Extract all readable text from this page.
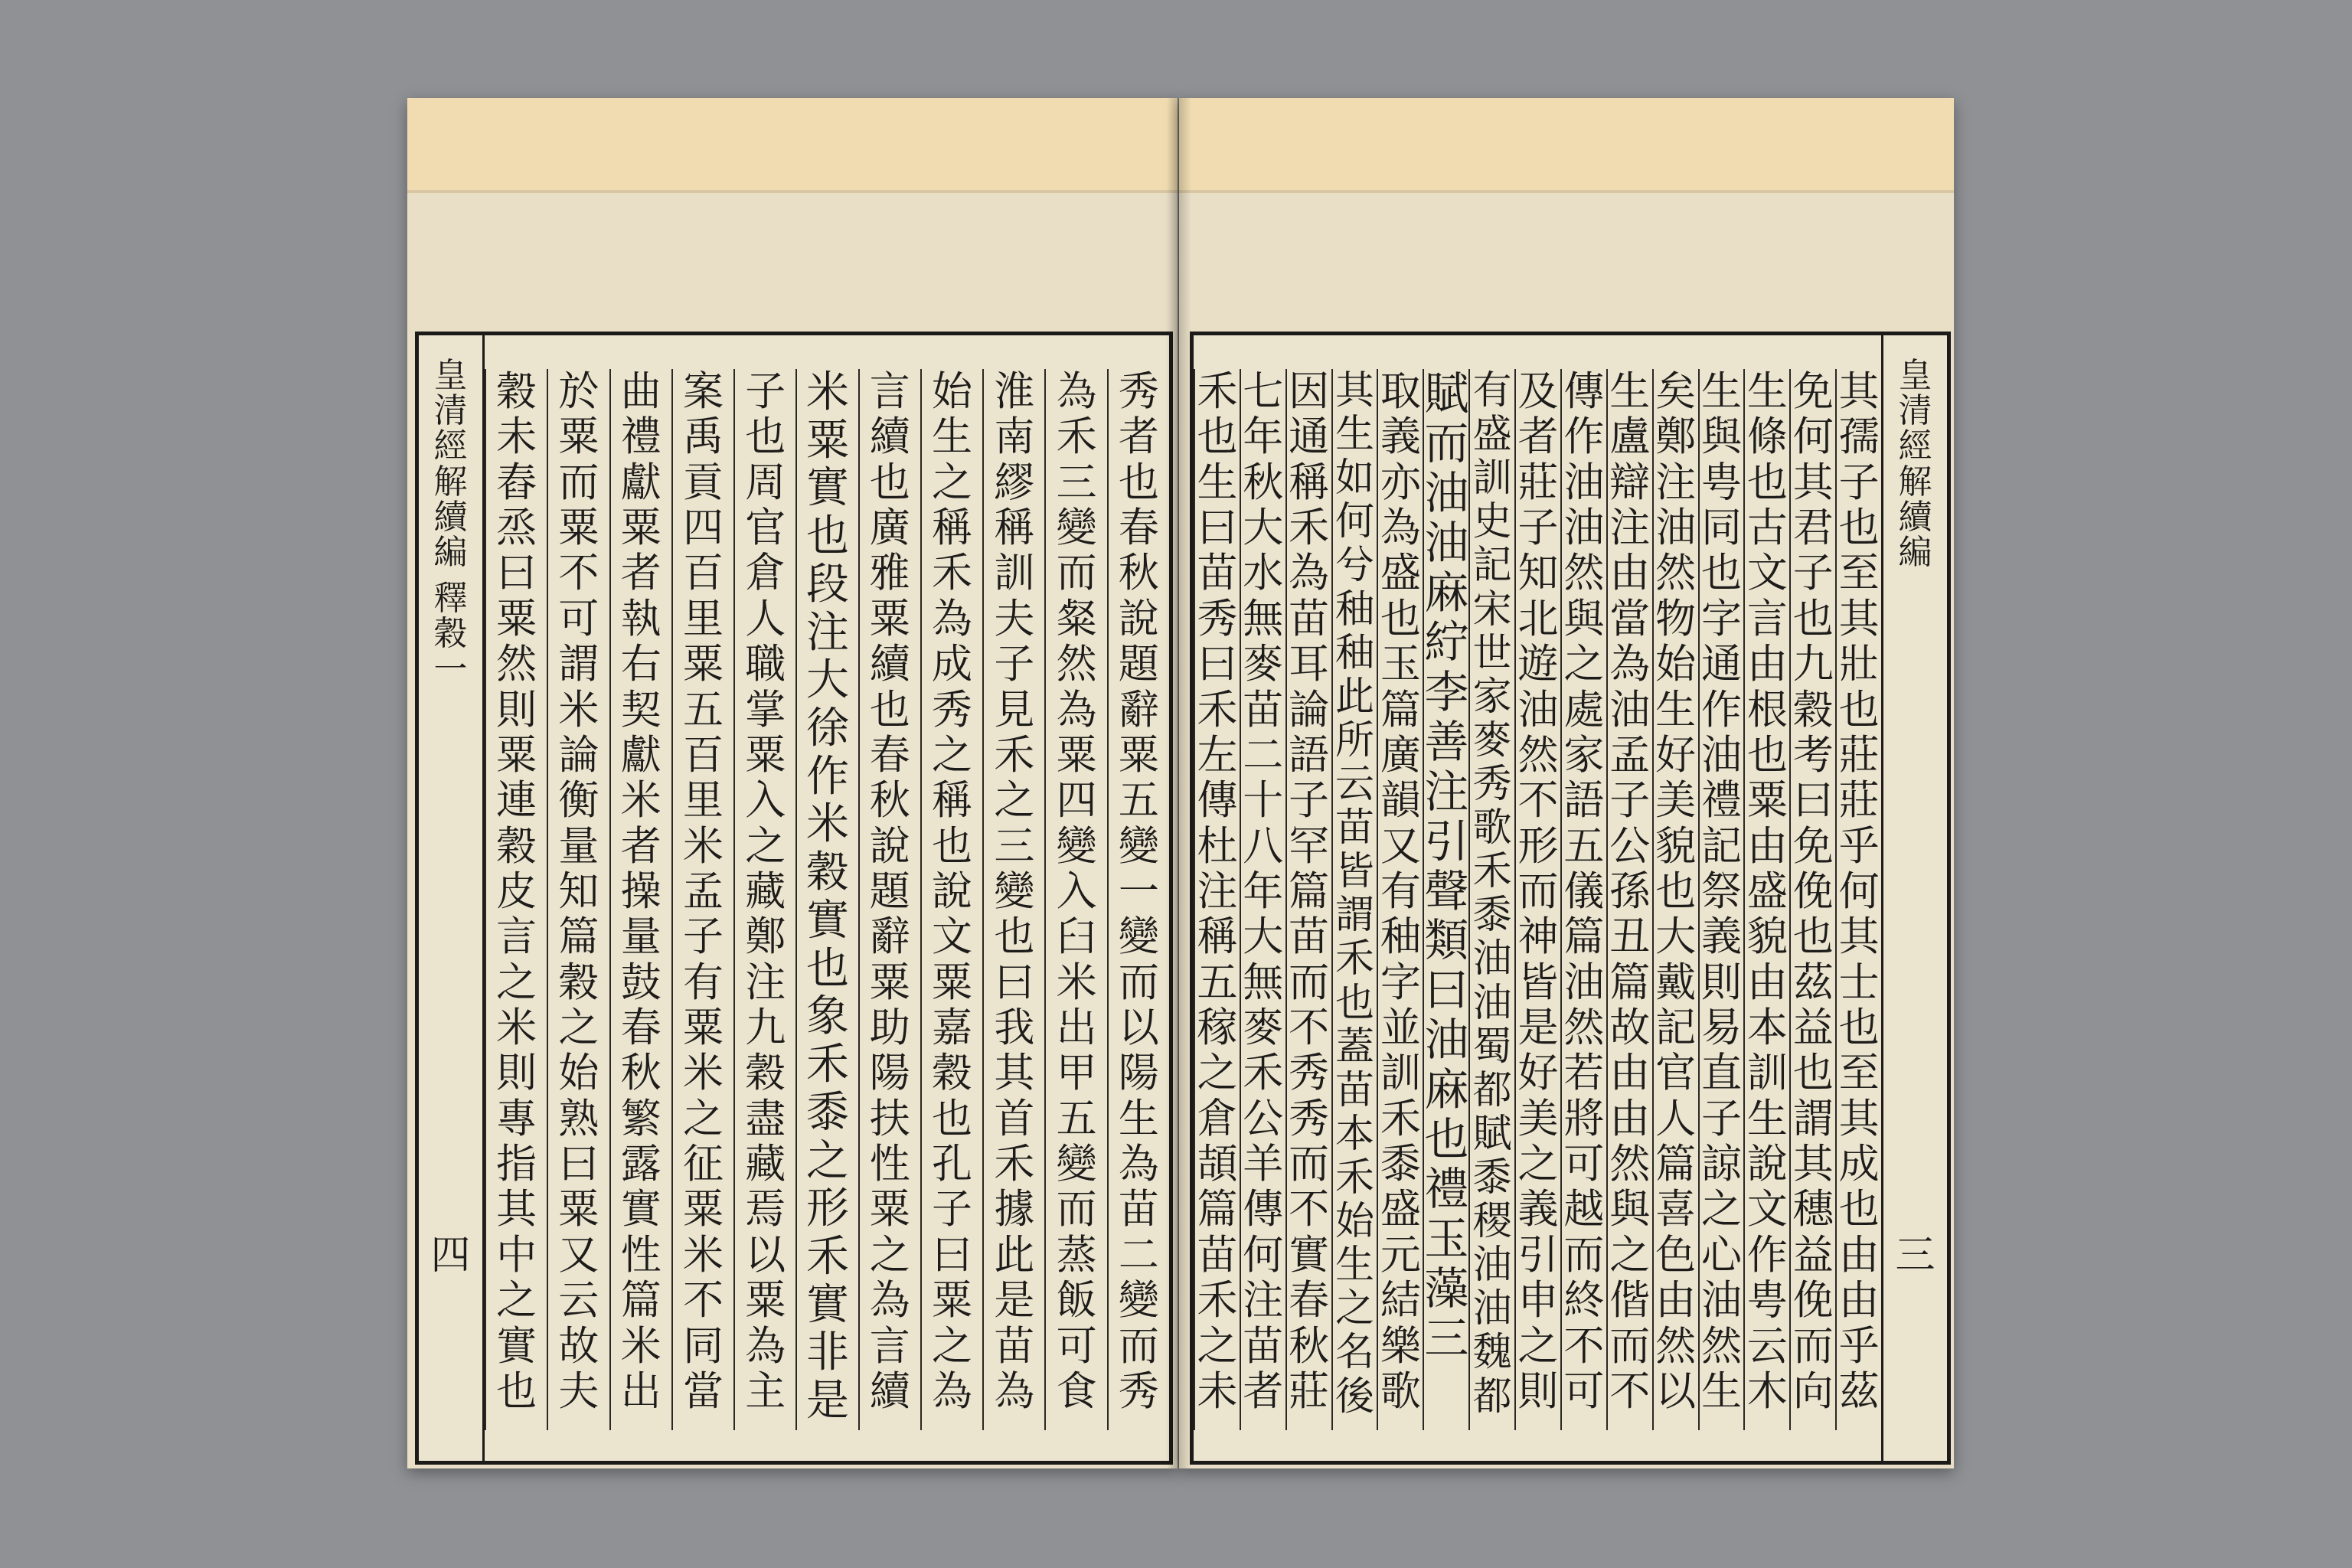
皇清經解續編
釋穀一
四
秀
者
也
春
秋
說
題
辭
粟
五
變
一
變
而
以
陽
生
為
苗
二
變
而
秀
為
禾
三
變
而
粲
然
為
粟
四
變
入
臼
米
出
甲
五
變
而
蒸
飯
可
食
淮
南
繆
稱
訓
夫
子
見
禾
之
三
變
也
曰
我
其
首
禾
據
此
是
苗
為
始
生
之
稱
禾
為
成
秀
之
稱
也
說
文
粟
嘉
穀
也
孔
子
曰
粟
之
為
言
續
也
廣
雅
粟
續
也
春
秋
說
題
辭
粟
助
陽
扶
性
粟
之
為
言
續
米
粟
實
也
段
注
大
徐
作
米
穀
實
也
象
禾
黍
之
形
禾
實
非
是
子
也
周
官
倉
人
職
掌
粟
入
之
藏
鄭
注
九
穀
盡
藏
焉
以
粟
為
主
案
禹
貢
四
百
里
粟
五
百
里
米
孟
子
有
粟
米
之
征
粟
米
不
同
當
曲
禮
獻
粟
者
執
右
契
獻
米
者
操
量
鼓
春
秋
繁
露
實
性
篇
米
出
於
粟
而
粟
不
可
謂
米
論
衡
量
知
篇
穀
之
始
熟
曰
粟
又
云
故
夫
穀
未
舂
烝
曰
粟
然
則
粟
連
穀
皮
言
之
米
則
專
指
其
中
之
實
也
皇清經解續編
三
其
孺
子
也
至
其
壯
也
莊
莊
乎
何
其
士
也
至
其
成
也
由
由
乎
茲
免
何
其
君
子
也
九
穀
考
曰
免
俛
也
茲
益
也
謂
其
穗
益
俛
而
向
生
條
也
古
文
言
由
根
也
粟
由
盛
貌
由
本
訓
生
說
文
作
甹
云
木
生
與
甹
同
也
字
通
作
油
禮
記
祭
義
則
易
直
子
諒
之
心
油
然
生
矣
鄭
注
油
然
物
始
生
好
美
貌
也
大
戴
記
官
人
篇
喜
色
由
然
以
生
盧
辯
注
由
當
為
油
孟
子
公
孫
丑
篇
故
由
由
然
與
之
偕
而
不
傳
作
油
油
然
與
之
處
家
語
五
儀
篇
油
然
若
將
可
越
而
終
不
可
及
者
莊
子
知
北
遊
油
然
不
形
而
神
皆
是
好
美
之
義
引
申
之
則
有
盛
訓
史
記
宋
世
家
麥
秀
歌
禾
黍
油
油
蜀
都
賦
黍
稷
油
油
魏
都
賦
而
油
油
麻
紵
李
善
注
引
聲
類
曰
油
麻
也
禮
玉
藻
三
取
義
亦
為
盛
也
玉
篇
廣
韻
又
有
秞
字
並
訓
禾
黍
盛
元
結
樂
歌
其
生
如
何
兮
秞
秞
此
所
云
苗
皆
謂
禾
也
蓋
苗
本
禾
始
生
之
名
後
因
通
稱
禾
為
苗
耳
論
語
子
罕
篇
苗
而
不
秀
秀
而
不
實
春
秋
莊
七
年
秋
大
水
無
麥
苗
二
十
八
年
大
無
麥
禾
公
羊
傳
何
注
苗
者
禾
也
生
曰
苗
秀
曰
禾
左
傳
杜
注
稱
五
稼
之
倉
頡
篇
苗
禾
之
未
